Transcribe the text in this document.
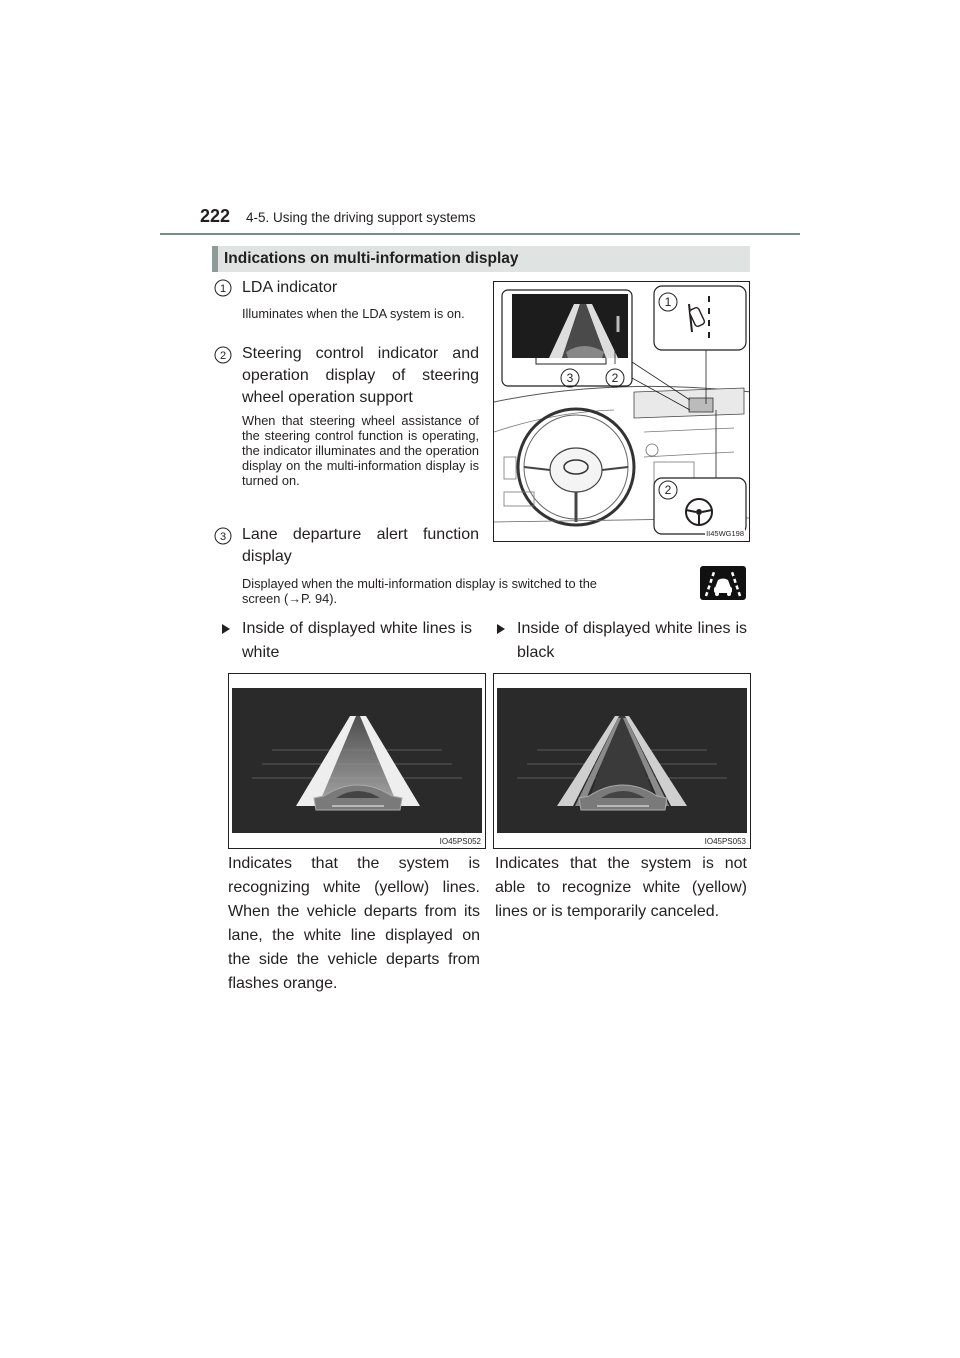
222 4-5. Using the driving support systems
Indications on multi-information display
1 LDA indicator
Illuminates when the LDA system is on.
2 Steering control indicator and operation display of steering wheel operation support
When that steering wheel assistance of the steering control function is operating, the indicator illuminates and the operation display on the multi-information display is turned on.
3 Lane departure alert function display
3	2
1
2
II45WG198
Displayed when the multi-information display is switched to the
screen (→P. 94).
Inside of displayed white lines is white
Inside of displayed white lines is black
IO45PS052	IO45PS053
Indicates that the system is recognizing white (yellow) lines. When the vehicle departs from its lane, the white line displayed on the side the vehicle departs from flashes orange.
Indicates that the system is not able to recognize white (yellow) lines or is temporarily canceled.
